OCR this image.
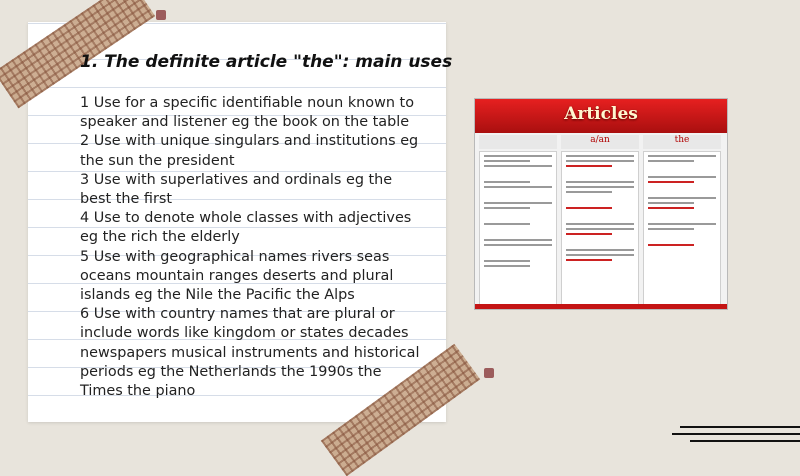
1. The definite article "the": main uses
1 Use for a specific identifiable noun known to speaker and listener eg the book on the table
2 Use with unique singulars and institutions eg the sun the president
3 Use with superlatives and ordinals eg the best the first
4 Use to denote whole classes with adjectives eg the rich the elderly
5 Use with geographical names rivers seas oceans mountain ranges deserts and plural islands eg the Nile the Pacific the Alps
6 Use with country names that are plural or include words like kingdom or states decades newspapers musical instruments and historical periods eg the Netherlands the 1990s the Times the piano
Articles
a/an	the
